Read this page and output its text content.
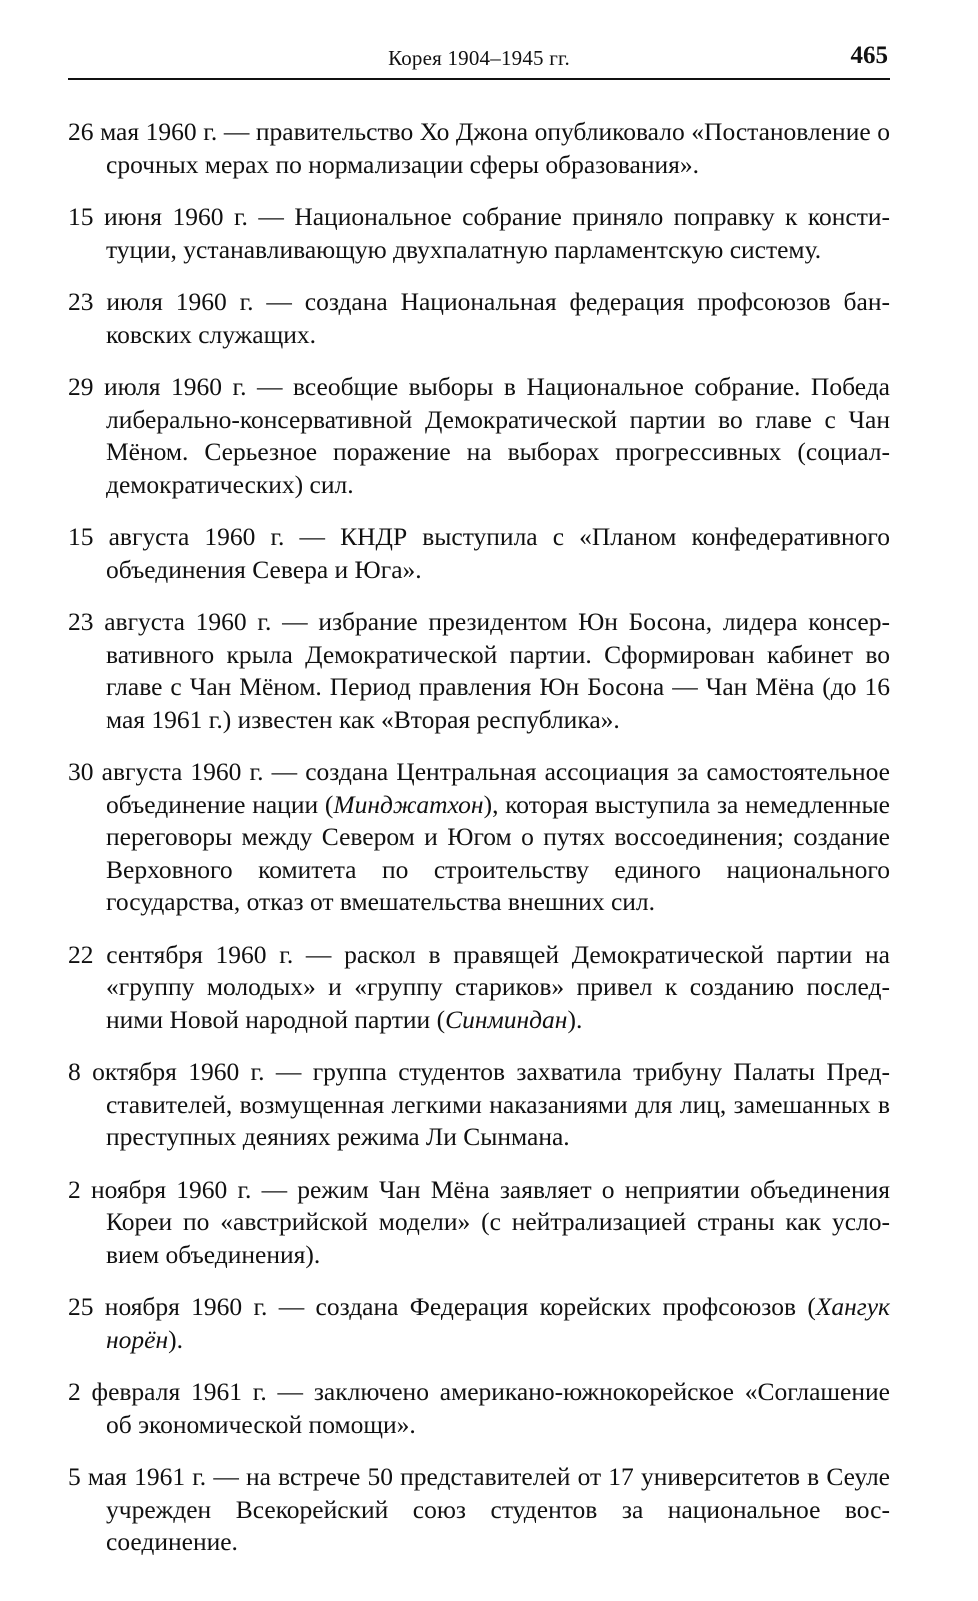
Корея 1904–1945 гг.	465

26 мая 1960 г. — правительство Хо Джона опубликовало «Постановление о срочных мерах по нормализации сферы образования».

15 июня 1960 г. — Национальное собрание приняло поправку к конституции, устанавливающую двухпалатную парламентскую систему.

23 июля 1960 г. — создана Национальная федерация профсоюзов банковских служащих.

29 июля 1960 г. — всеобщие выборы в Национальное собрание. Победа либерально-консервативной Демократической партии во главе с Чан Мёном. Серьезное поражение на выборах прогрессивных (социалдемократических) сил.

15 августа 1960 г. — КНДР выступила с «Планом конфедеративного объединения Севера и Юга».

23 августа 1960 г. — избрание президентом Юн Босона, лидера консервативного крыла Демократической партии. Сформирован кабинет во главе с Чан Мёном. Период правления Юн Босона — Чан Мёна (до 16 мая 1961 г.) известен как «Вторая республика».

30 августа 1960 г. — создана Центральная ассоциация за самостоятельное объединение нации (Минджатхон), которая выступила за немедленные переговоры между Севером и Югом о путях воссоединения; создание Верховного комитета по строительству единого национального государства, отказ от вмешательства внешних сил.

22 сентября 1960 г. — раскол в правящей Демократической партии на «группу молодых» и «группу стариков» привел к созданию последними Новой народной партии (Синминдан).

8 октября 1960 г. — группа студентов захватила трибуну Палаты Представителей, возмущенная легкими наказаниями для лиц, замешанных в преступных деяниях режима Ли Сынмана.

2 ноября 1960 г. — режим Чан Мёна заявляет о неприятии объединения Кореи по «австрийской модели» (с нейтрализацией страны как условием объединения).

25 ноября 1960 г. — создана Федерация корейских профсоюзов (Хангук норён).

2 февраля 1961 г. — заключено американо-южнокорейское «Соглашение об экономической помощи».

5 мая 1961 г. — на встрече 50 представителей от 17 университетов в Сеуле учрежден Всекорейский союз студентов за национальное воссоединение.
